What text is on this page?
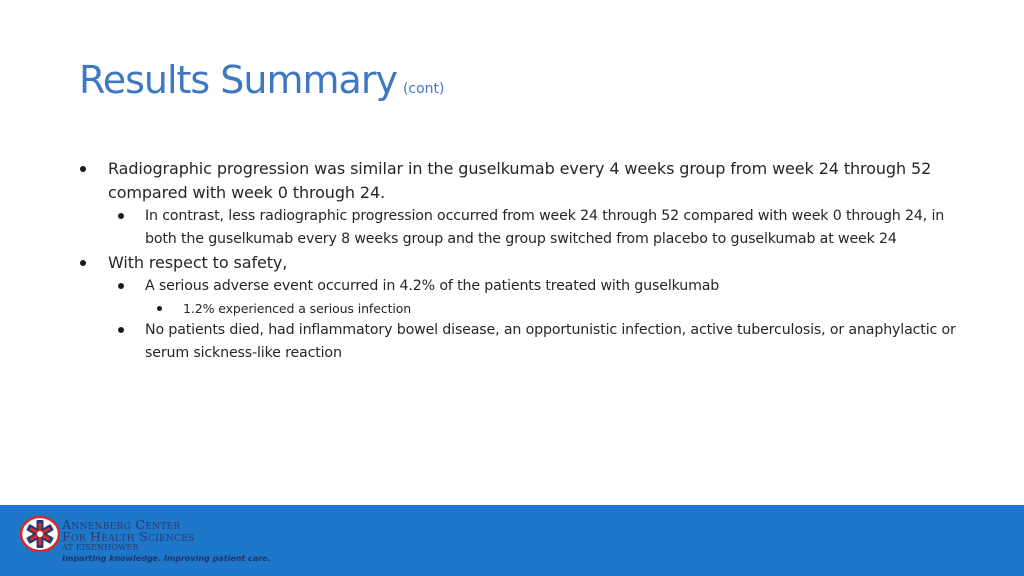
Results Summary (cont)
Radiographic progression was similar in the guselkumab every 4 weeks group from week 24 through 52 compared with week 0 through 24.
In contrast, less radiographic progression occurred from week 24 through 52 compared with week 0 through 24, in both the guselkumab every 8 weeks group and the group switched from placebo to guselkumab at week 24
With respect to safety,
A serious adverse event occurred in 4.2% of the patients treated with guselkumab
1.2% experienced a serious infection
No patients died, had inflammatory bowel disease, an opportunistic infection, active tuberculosis, or anaphylactic or serum sickness-like reaction
Annenberg Center
For Health Sciences
AT EISENHOWER
Imparting knowledge. Improving patient care.
